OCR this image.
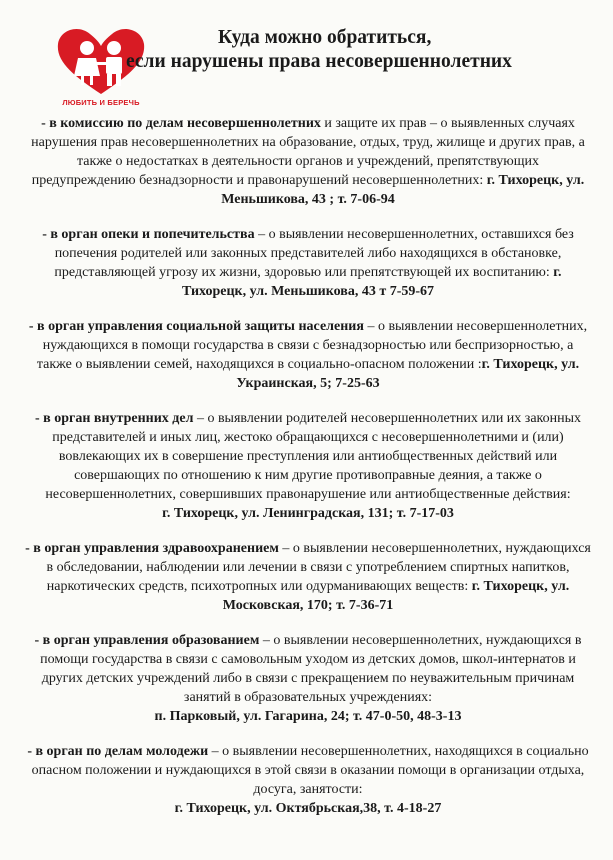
ЛЮБИТЬ И БЕРЕЧЬ
Куда можно обратиться,
если нарушены права несовершеннолетних
- в комиссию по делам несовершеннолетних и защите их прав – о выявленных случаях нарушения прав несовершеннолетних на образование, отдых, труд, жилище и других прав, а также о недостатках в деятельности органов и учреждений, препятствующих предупреждению безнадзорности и правонарушений несовершеннолетних: г. Тихорецк, ул. Меньшикова, 43 ; т. 7-06-94
- в орган опеки и попечительства – о выявлении несовершеннолетних, оставшихся без попечения родителей или законных представителей либо находящихся в обстановке, представляющей угрозу их жизни, здоровью или препятствующей их воспитанию: г. Тихорецк, ул. Меньшикова, 43 т 7-59-67
- в орган управления социальной защиты населения – о выявлении несовершеннолетних, нуждающихся в помощи государства в связи с безнадзорностью или беспризорностью, а также о выявлении семей, находящихся в социально-опасном положении :г. Тихорецк, ул. Украинская, 5; 7-25-63
- в орган внутренних дел – о выявлении родителей несовершеннолетних или их законных представителей и иных лиц, жестоко обращающихся с несовершеннолетними и (или) вовлекающих их в совершение преступления или антиобщественных действий или совершающих по отношению к ним другие противоправные деяния, а также о несовершеннолетних, совершивших правонарушение или антиобщественные действия:
г. Тихорецк, ул. Ленинградская, 131; т. 7-17-03
- в орган управления здравоохранением – о выявлении несовершеннолетних, нуждающихся в обследовании, наблюдении или лечении в связи с употреблением спиртных напитков, наркотических средств, психотропных или одурманивающих веществ: г. Тихорецк, ул. Московская, 170; т. 7-36-71
- в орган управления образованием – о выявлении несовершеннолетних, нуждающихся в помощи государства в связи с самовольным уходом из детских домов, школ-интернатов и других детских учреждений либо в связи с прекращением по неуважительным причинам занятий в образовательных учреждениях:
п. Парковый, ул. Гагарина, 24; т. 47-0-50, 48-3-13
- в орган по делам молодежи – о выявлении несовершеннолетних, находящихся в социально опасном положении и нуждающихся в этой связи в оказании помощи в организации отдыха, досуга, занятости:
г. Тихорецк, ул. Октябрьская,38, т. 4-18-27
